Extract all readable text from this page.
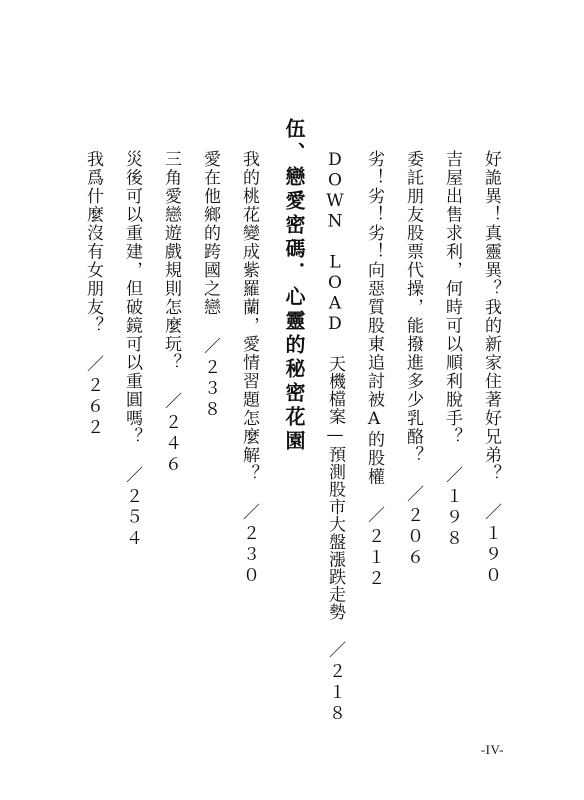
好詭異！真靈異？我的新家住著好兄弟？／１９０
吉屋出售求利，何時可以順利脫手？／１９８
委託朋友股票代操，能撥進多少乳酪？／２０６
劣！劣！劣！向惡質股東追討被A的股權／２１２
DOWN LOAD 天機檔案—預測股市大盤漲跌走勢／２１８
伍、戀愛密碼．心靈的秘密花園
我的桃花變成紫羅蘭，愛情習題怎麼解？／２３０
愛在他鄉的跨國之戀／２３８
三角愛戀遊戲規則怎麼玩？／２４６
災後可以重建，但破鏡可以重圓嗎？／２５４
我爲什麼沒有女朋友？／２６２
-IV-
